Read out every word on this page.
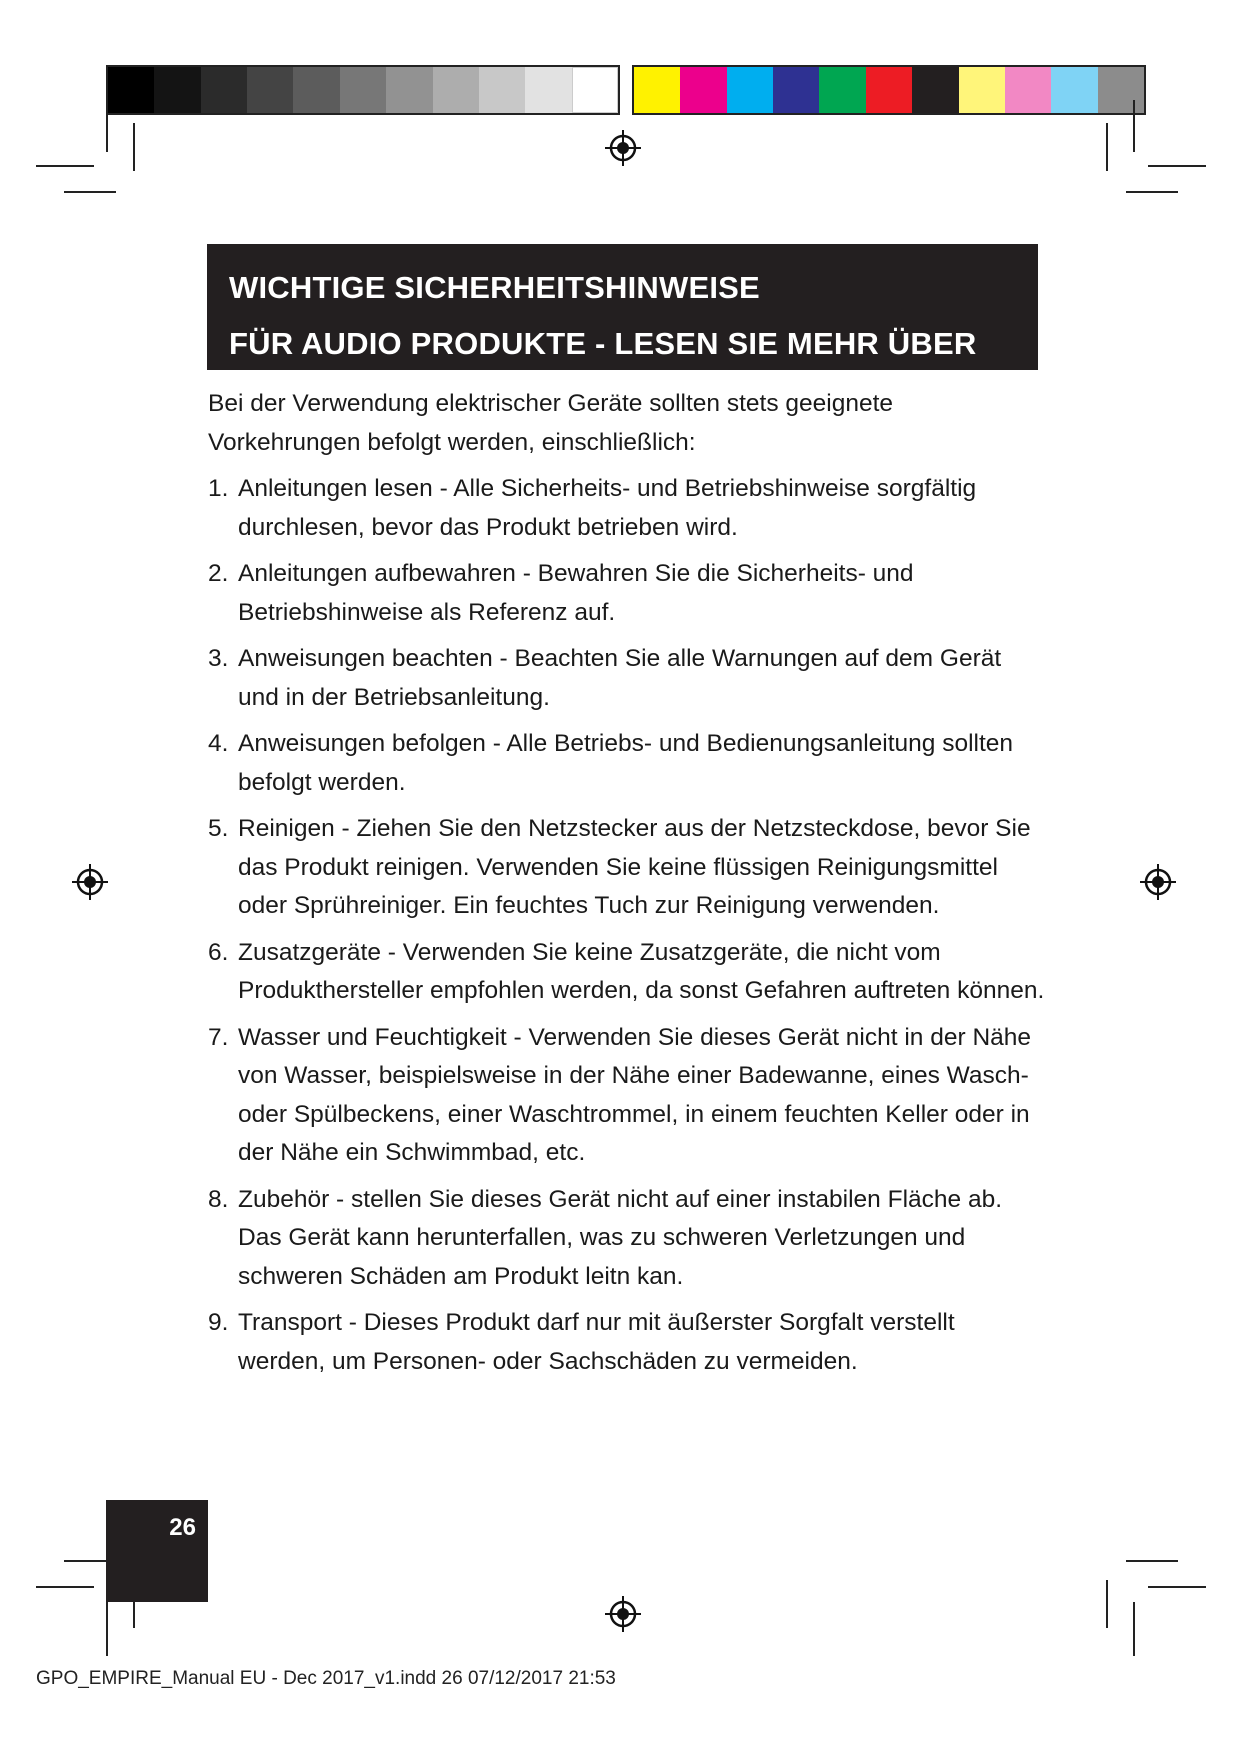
WICHTIGE SICHERHEITSHINWEISE
FÜR AUDIO PRODUKTE - LESEN SIE MEHR ÜBER
Bei der Verwendung elektrischer Geräte sollten stets geeignete Vorkehrungen befolgt werden, einschließlich:
1. Anleitungen lesen - Alle Sicherheits- und Betriebshinweise sorgfältig durchlesen, bevor das Produkt betrieben wird.
2. Anleitungen aufbewahren - Bewahren Sie die Sicherheits- und Betriebshinweise als Referenz auf.
3. Anweisungen beachten - Beachten Sie alle Warnungen auf dem Gerät und in der Betriebsanleitung.
4. Anweisungen befolgen - Alle Betriebs- und Bedienungsanleitung sollten befolgt werden.
5. Reinigen - Ziehen Sie den Netzstecker aus der Netzsteckdose, bevor Sie das Produkt reinigen. Verwenden Sie keine flüssigen Reinigungsmittel oder Sprühreiniger. Ein feuchtes Tuch zur Reinigung verwenden.
6. Zusatzgeräte - Verwenden Sie keine Zusatzgeräte, die nicht vom Produkthersteller empfohlen werden, da sonst Gefahren auftreten können.
7. Wasser und Feuchtigkeit - Verwenden Sie dieses Gerät nicht in der Nähe von Wasser, beispielsweise in der Nähe einer Badewanne, eines Wasch- oder Spülbeckens, einer Waschtrommel, in einem feuchten Keller oder in der Nähe ein Schwimmbad, etc.
8. Zubehör - stellen Sie dieses Gerät nicht auf einer instabilen Fläche ab. Das Gerät kann herunterfallen, was zu schweren Verletzungen und schweren Schäden am Produkt leitn kan.
9. Transport - Dieses Produkt darf nur mit äußerster Sorgfalt verstellt werden, um Personen- oder Sachschäden zu vermeiden.
26
GPO_EMPIRE_Manual EU - Dec 2017_v1.indd 26 07/12/2017 21:53
